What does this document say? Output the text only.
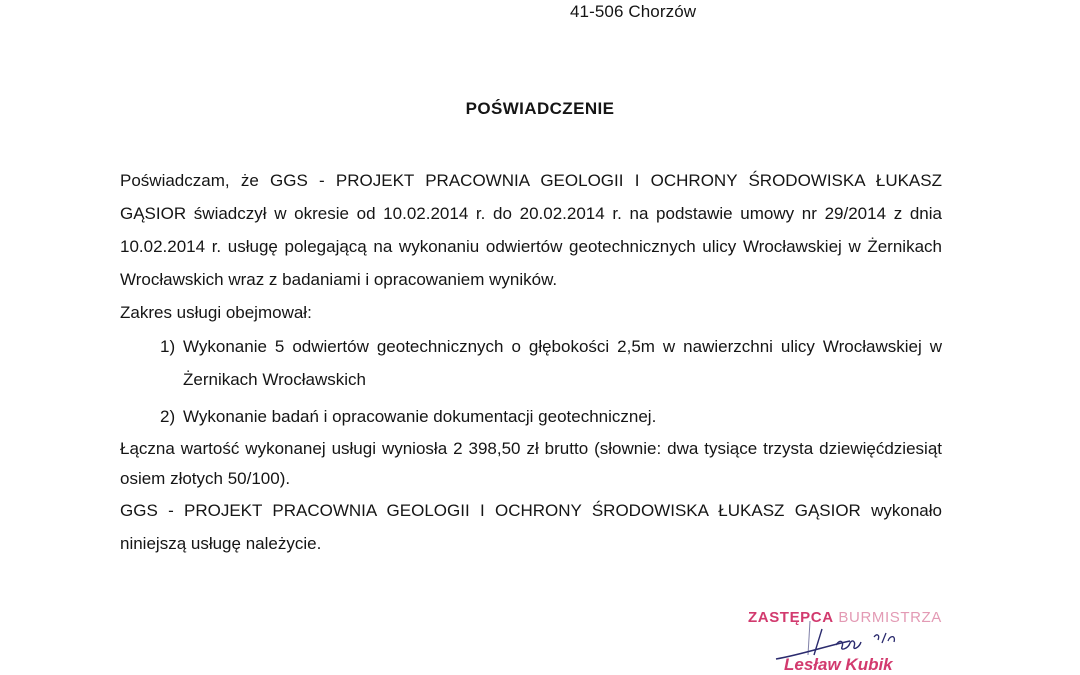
41-506 Chorzów
POŚWIADCZENIE

Poświadczam, że GGS - PROJEKT PRACOWNIA GEOLOGII I OCHRONY ŚRODOWISKA ŁUKASZ GĄSIOR świadczył w okresie od 10.02.2014 r. do 20.02.2014 r. na podstawie umowy nr 29/2014 z dnia 10.02.2014 r. usługę polegającą na wykonaniu odwiertów geotechnicznych ulicy Wrocławskiej w Żernikach Wrocławskich wraz z badaniami i opracowaniem wyników.

Zakres usługi obejmował:

1) Wykonanie 5 odwiertów geotechnicznych o głębokości 2,5m w nawierzchni ulicy Wrocławskiej w Żernikach Wrocławskich
2) Wykonanie badań i opracowanie dokumentacji geotechnicznej.

Łączna wartość wykonanej usługi wyniosła 2 398,50 zł brutto (słownie: dwa tysiące trzysta dziewięćdziesiąt osiem złotych 50/100).

GGS - PROJEKT PRACOWNIA GEOLOGII I OCHRONY ŚRODOWISKA ŁUKASZ GĄSIOR wykonało niniejszą usługę należycie.

ZASTĘPCA BURMISTRZA
Lesław Kubik
